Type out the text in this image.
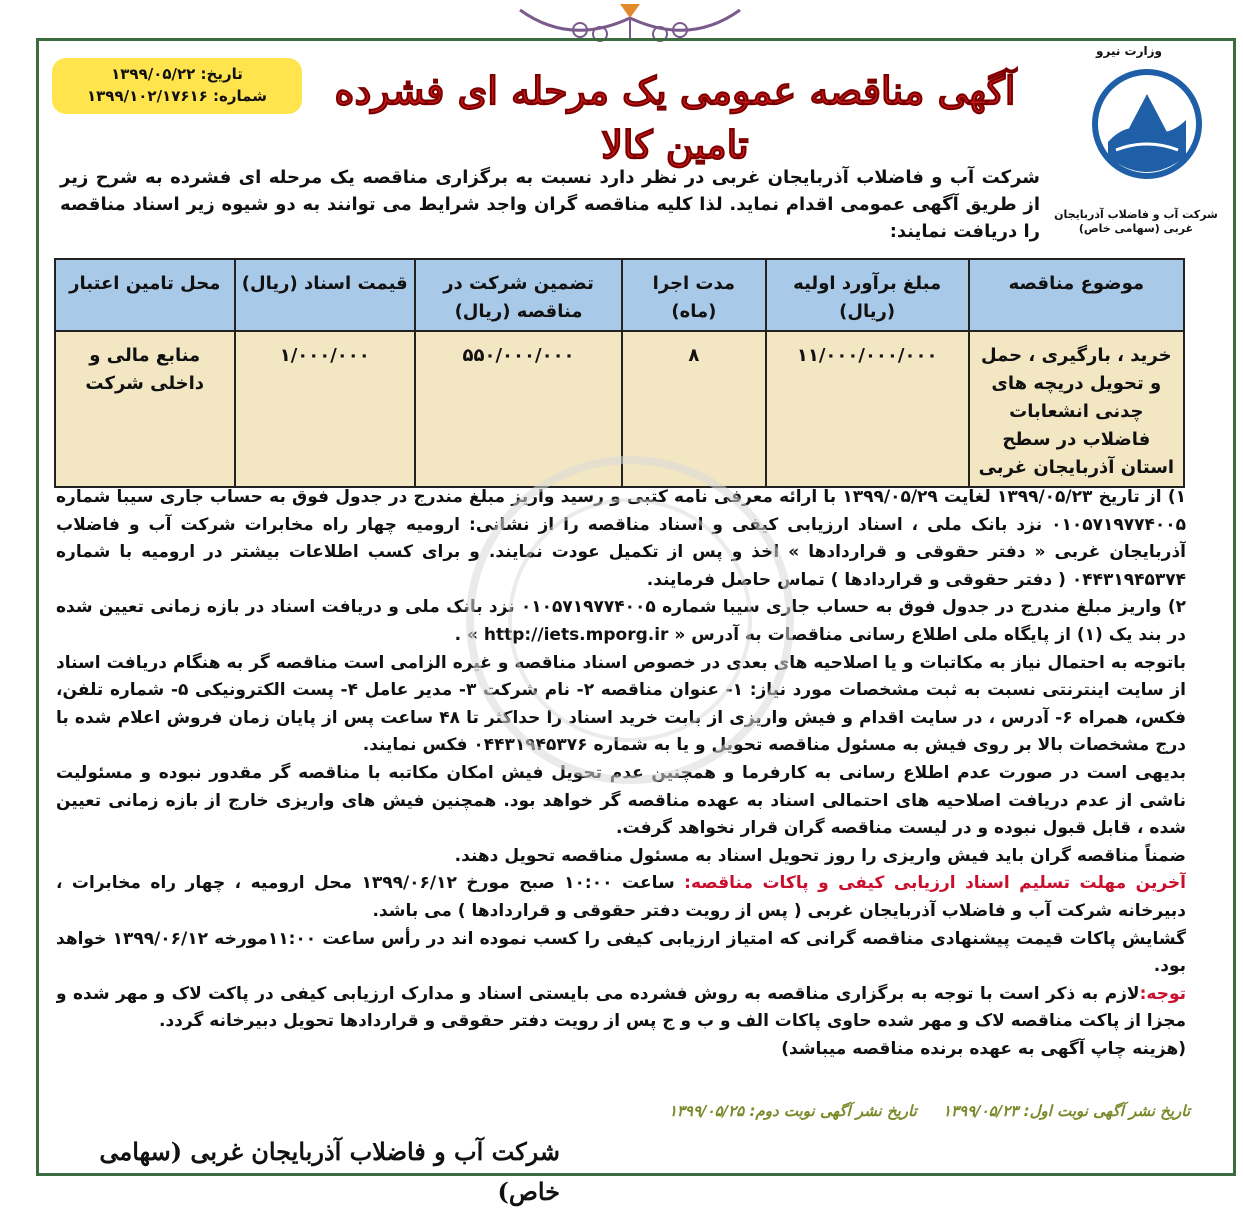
تاریخ: ۱۳۹۹/۰۵/۲۲
شماره: ۱۳۹۹/۱۰۲/۱۷۶۱۶	آگهی مناقصه عمومی یک مرحله ای فشرده تامین کالا
وزارت نیرو
شرکت آب و فاضلاب آذربایجان غربی (سهامی خاص)
شرکت آب و فاضلاب آذربایجان غربی در نظر دارد نسبت به برگزاری مناقصه یک مرحله ای فشرده به شرح زیر از طریق آگهی عمومی اقدام نماید. لذا کلیه مناقصه گران واجد شرایط می توانند به دو شیوه زیر اسناد مناقصه را دریافت نمایند:
موضوع مناقصه	مبلغ برآورد اولیه (ریال)	مدت اجرا (ماه)	تضمین شرکت در مناقصه (ریال)	قیمت اسناد (ریال)	محل تامین اعتبار
خرید ، بارگیری ، حمل و تحویل دریچه های چدنی انشعابات فاضلاب در سطح استان آذربایجان غربی	۱۱/۰۰۰/۰۰۰/۰۰۰	۸	۵۵۰/۰۰۰/۰۰۰	۱/۰۰۰/۰۰۰	منابع مالی و داخلی شرکت

۱) از تاریخ ۱۳۹۹/۰۵/۲۳ لغایت ۱۳۹۹/۰۵/۲۹ با ارائه معرفی نامه کتبی و رسید واریز مبلغ مندرج در جدول فوق به حساب جاری سیبا شماره ۰۱۰۵۷۱۹۷۷۴۰۰۵ نزد بانک ملی ، اسناد ارزیابی کیفی و اسناد مناقصه را از نشانی: ارومیه چهار راه مخابرات شرکت آب و فاضلاب آذربایجان غربی « دفتر حقوقی و قراردادها » اخذ و پس از تکمیل عودت نمایند. و برای کسب اطلاعات بیشتر در ارومیه با شماره ۰۴۴۳۱۹۴۵۳۷۴ ( دفتر حقوقی و قراردادها ) تماس حاصل فرمایند.

۲) واریز مبلغ مندرج در جدول فوق به حساب جاری سیبا شماره ۰۱۰۵۷۱۹۷۷۴۰۰۵ نزد بانک ملی و دریافت اسناد در بازه زمانی تعیین شده در بند یک (۱) از پایگاه ملی اطلاع رسانی مناقصات به آدرس « http://iets.mporg.ir » .

باتوجه به احتمال نیاز به مکاتبات و یا اصلاحیه های بعدی در خصوص اسناد مناقصه و غیره الزامی است مناقصه گر به هنگام دریافت اسناد از سایت اینترنتی نسبت به ثبت مشخصات مورد نیاز: ۱- عنوان مناقصه ۲- نام شرکت ۳- مدیر عامل ۴- پست الکترونیکی ۵- شماره تلفن، فکس، همراه ۶- آدرس ، در سایت اقدام و فیش واریزی از بابت خرید اسناد را حداکثر تا ۴۸ ساعت پس از پایان زمان فروش اعلام شده با درج مشخصات بالا بر روی فیش به مسئول مناقصه تحویل و یا به شماره ۰۴۴۳۱۹۴۵۳۷۶ فکس نمایند.

بدیهی است در صورت عدم اطلاع رسانی به کارفرما و همچنین عدم تحویل فیش امکان مکاتبه با مناقصه گر مقدور نبوده و مسئولیت ناشی از عدم دریافت اصلاحیه های احتمالی اسناد به عهده مناقصه گر خواهد بود. همچنین فیش های واریزی خارج از بازه زمانی تعیین شده ، قابل قبول نبوده و در لیست مناقصه گران قرار نخواهد گرفت.

ضمناً مناقصه گران باید فیش واریزی را روز تحویل اسناد به مسئول مناقصه تحویل دهند.

آخرین مهلت تسلیم اسناد ارزیابی کیفی و پاکات مناقصه: ساعت ۱۰:۰۰ صبح مورخ ۱۳۹۹/۰۶/۱۲ محل ارومیه ، چهار راه مخابرات ، دبیرخانه شرکت آب و فاضلاب آذربایجان غربی ( پس از رویت دفتر حقوقی و قراردادها ) می باشد.

گشایش پاکات قیمت پیشنهادی مناقصه گرانی که امتیاز ارزیابی کیفی را کسب نموده اند در رأس ساعت ۱۱:۰۰مورخه ۱۳۹۹/۰۶/۱۲ خواهد بود.

توجه:لازم به ذکر است با توجه به برگزاری مناقصه به روش فشرده می بایستی اسناد و مدارک ارزیابی کیفی در پاکت لاک و مهر شده و مجزا از پاکت مناقصه لاک و مهر شده حاوی پاکات الف و ب و ج پس از رویت دفتر حقوقی و قراردادها تحویل دبیرخانه گردد.

(هزینه چاپ آگهی به عهده برنده مناقصه میباشد)

تاریخ نشر آگهی نوبت اول: ۱۳۹۹/۰۵/۲۳     تاریخ نشر آگهی نوبت دوم: ۱۳۹۹/۰۵/۲۵
شرکت آب و فاضلاب آذربایجان غربی (سهامی خاص)
